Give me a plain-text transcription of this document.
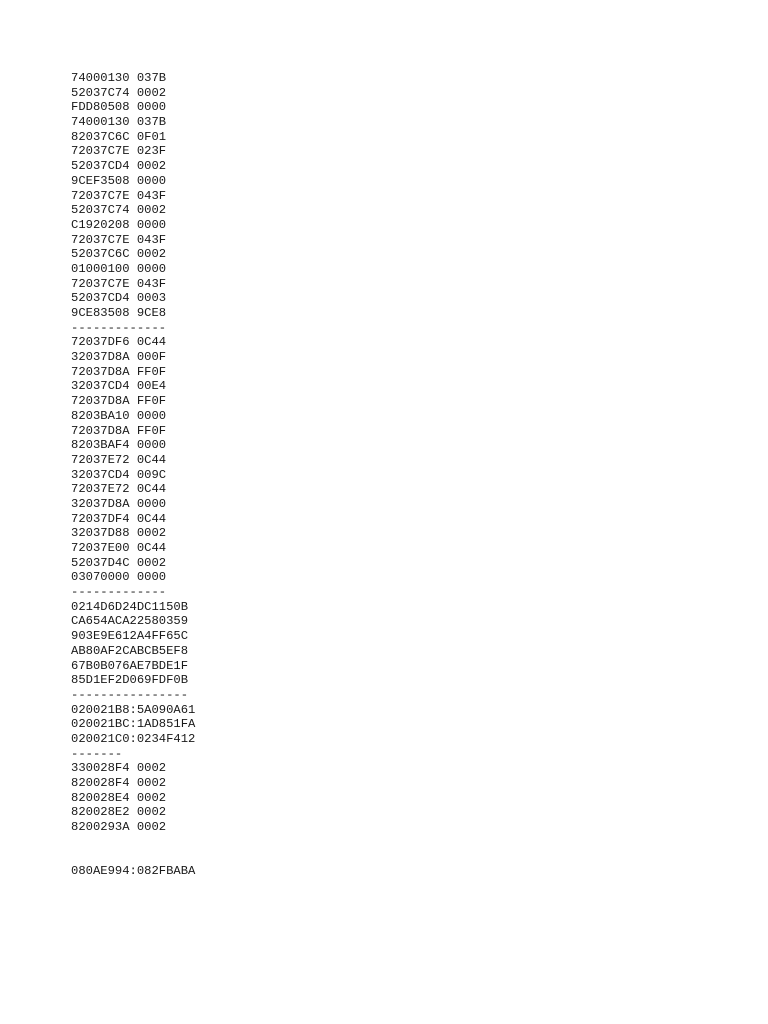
74000130 037B
52037C74 0002
FDD80508 0000
74000130 037B
82037C6C 0F01
72037C7E 023F
52037CD4 0002
9CEF3508 0000
72037C7E 043F
52037C74 0002
C1920208 0000
72037C7E 043F
52037C6C 0002
01000100 0000
72037C7E 043F
52037CD4 0003
9CE83508 9CE8
-------------
72037DF6 0C44
32037D8A 000F
72037D8A FF0F
32037CD4 00E4
72037D8A FF0F
8203BA10 0000
72037D8A FF0F
8203BAF4 0000
72037E72 0C44
32037CD4 009C
72037E72 0C44
32037D8A 0000
72037DF4 0C44
32037D88 0002
72037E00 0C44
52037D4C 0002
03070000 0000
-------------
0214D6D24DC1150B
CA654ACA22580359
903E9E612A4FF65C
AB80AF2CABCB5EF8
67B0B076AE7BDE1F
85D1EF2D069FDF0B
----------------
020021B8:5A090A61
020021BC:1AD851FA
020021C0:0234F412
-------
330028F4 0002
820028F4 0002
820028E4 0002
820028E2 0002
8200293A 0002
080AE994:082FBABA
